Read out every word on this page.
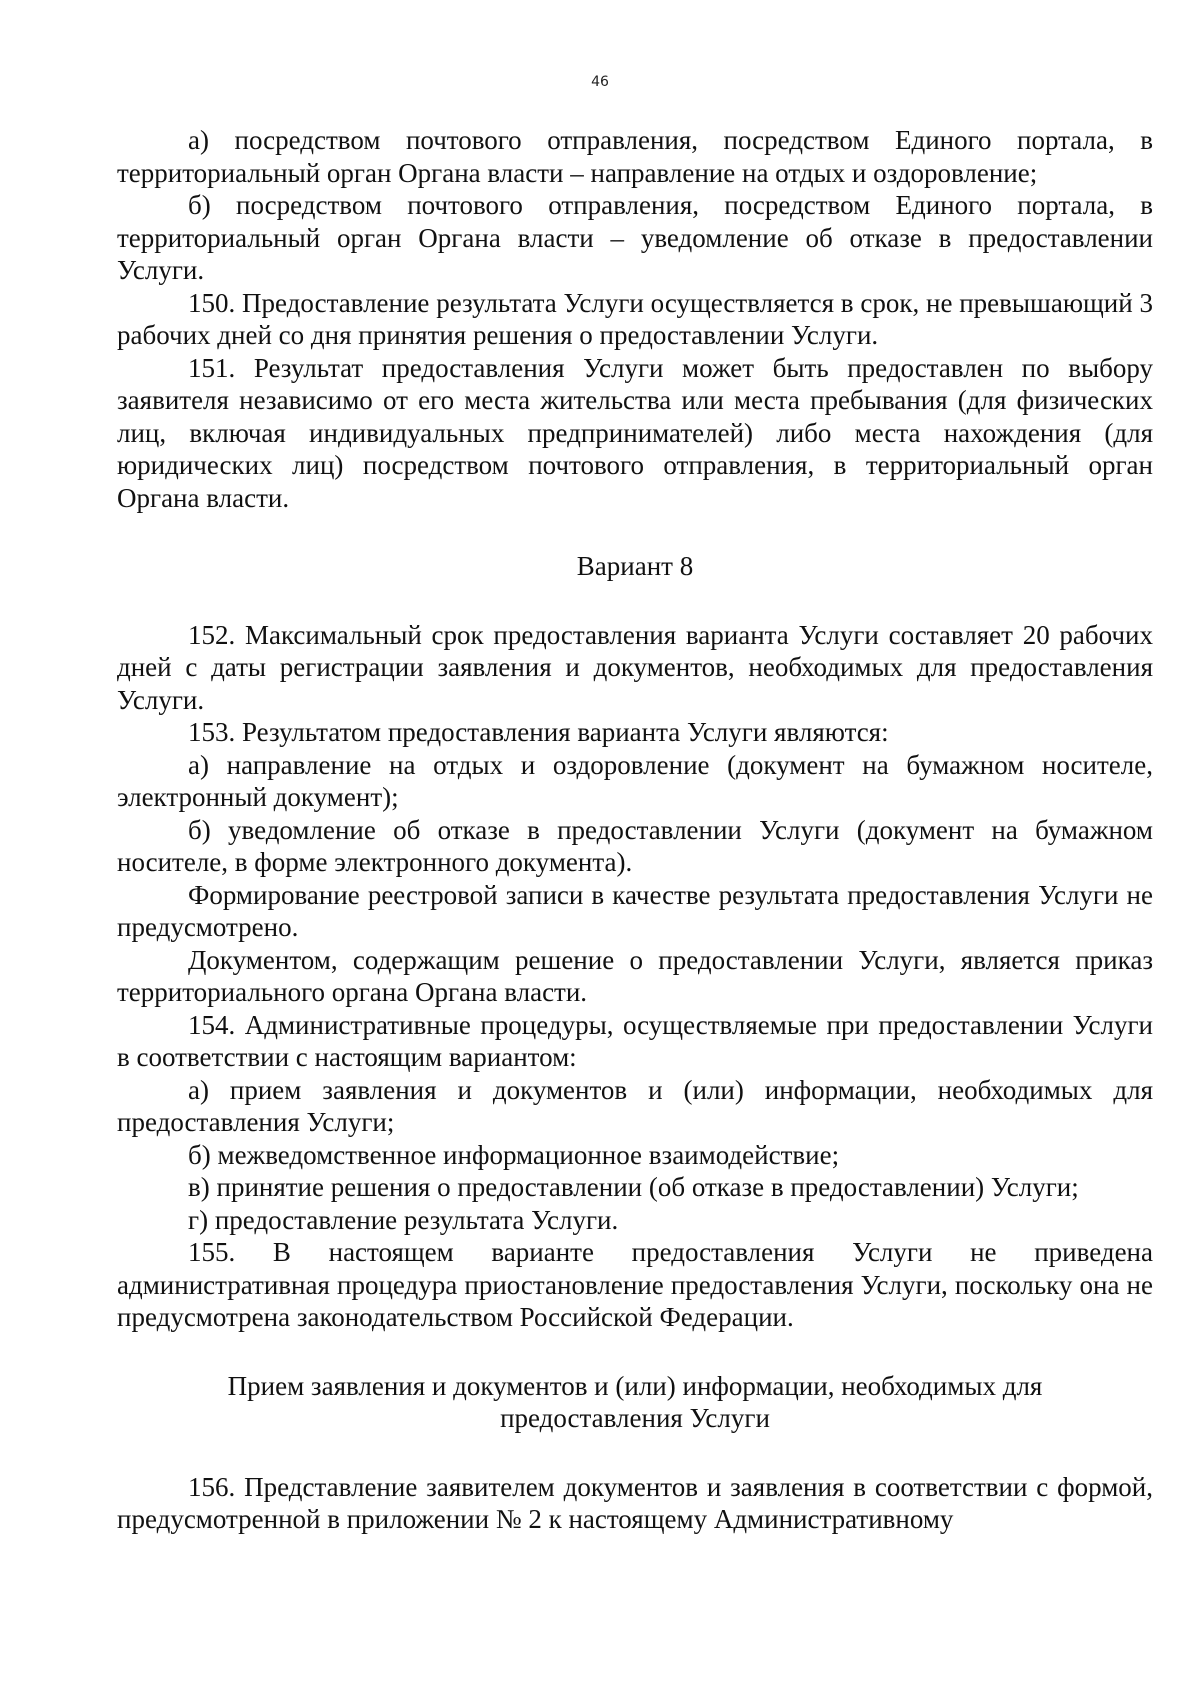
46

а) посредством почтового отправления, посредством Единого портала, в территориальный орган Органа власти – направление на отдых и оздоровление;

б) посредством почтового отправления, посредством Единого портала, в территориальный орган Органа власти – уведомление об отказе в предоставлении Услуги.

150. Предоставление результата Услуги осуществляется в срок, не превышающий 3 рабочих дней со дня принятия решения о предоставлении Услуги.

151. Результат предоставления Услуги может быть предоставлен по выбору заявителя независимо от его места жительства или места пребывания (для физических лиц, включая индивидуальных предпринимателей) либо места нахождения (для юридических лиц) посредством почтового отправления, в территориальный орган Органа власти.

Вариант 8

152. Максимальный срок предоставления варианта Услуги составляет 20 рабочих дней с даты регистрации заявления и документов, необходимых для предоставления Услуги.

153. Результатом предоставления варианта Услуги являются:

а) направление на отдых и оздоровление (документ на бумажном носителе, электронный документ);

б) уведомление об отказе в предоставлении Услуги (документ на бумажном носителе, в форме электронного документа).

Формирование реестровой записи в качестве результата предоставления Услуги не предусмотрено.

Документом, содержащим решение о предоставлении Услуги, является приказ территориального органа Органа власти.

154. Административные процедуры, осуществляемые при предоставлении Услуги в соответствии с настоящим вариантом:

а) прием заявления и документов и (или) информации, необходимых для предоставления Услуги;

б) межведомственное информационное взаимодействие;

в) принятие решения о предоставлении (об отказе в предоставлении) Услуги;

г) предоставление результата Услуги.

155. В настоящем варианте предоставления Услуги не приведена административная процедура приостановление предоставления Услуги, поскольку она не предусмотрена законодательством Российской Федерации.

Прием заявления и документов и (или) информации, необходимых для предоставления Услуги

156. Представление заявителем документов и заявления в соответствии с формой, предусмотренной в приложении № 2 к настоящему Административному
